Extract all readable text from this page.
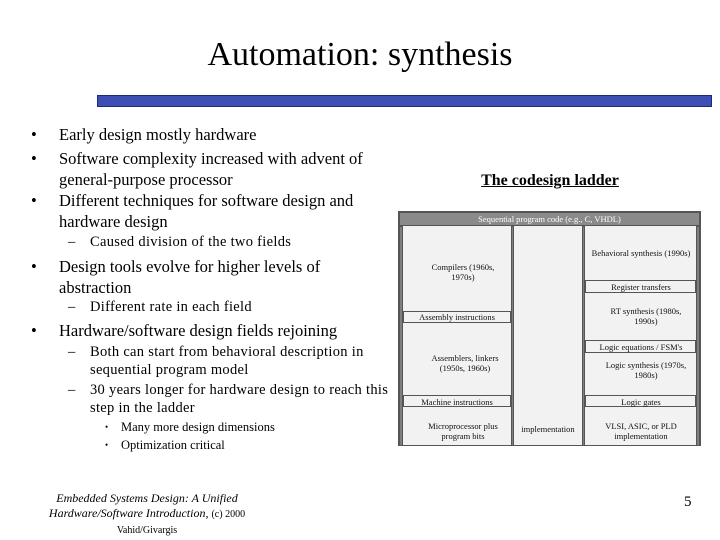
Automation: synthesis
• Early design mostly hardware
• Software complexity increased with advent of general-purpose processor
• Different techniques for software design and hardware design
– Caused division of the two fields
• Design tools evolve for higher levels of abstraction
– Different rate in each field
• Hardware/software design fields rejoining
– Both can start from behavioral description in sequential program model
– 30 years longer for hardware design to reach this step in the ladder
• Many more design dimensions
• Optimization critical
The codesign ladder
Sequential program code (e.g., C, VHDL)
Compilers (1960s, 1970s)
Behavioral synthesis (1990s)
Register transfers
Assembly instructions
RT synthesis (1980s, 1990s)
Logic equations / FSM's
Assemblers, linkers (1950s, 1960s)	Logic synthesis (1970s, 1980s)
Machine instructions	Logic gates
Microprocessor plus program bits
implementation	VLSI, ASIC, or PLD implementation
Embedded Systems Design: A Unified
Hardware/Software Introduction, (c) 2000 Vahid/Givargis
5
